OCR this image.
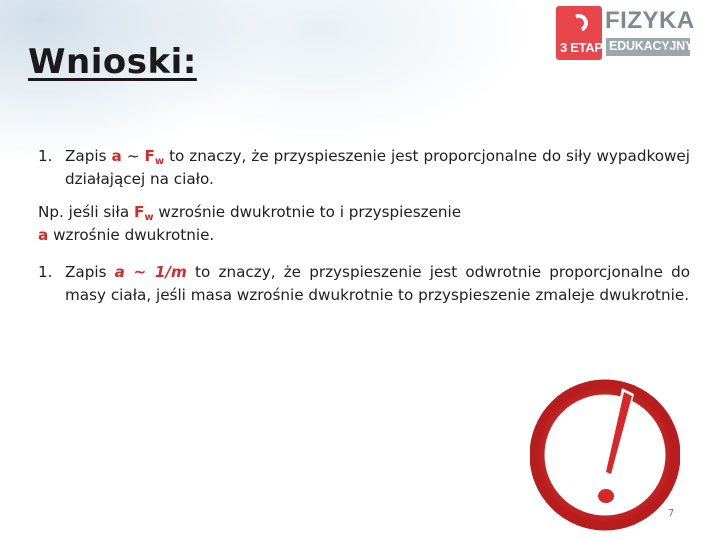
Wnioski:	3 ETAP
FIZYKA
EDUKACYJNY
1. Zapis a ~ $F_w$ to znaczy, że przyspieszenie jest proporcjonalne do siły wypadkowej działającej na ciało.
Np. jeśli siła $F_w$ wzrośnie dwukrotnie to i przyspieszenie
a wzrośnie dwukrotnie.
1. Zapis a ~ 1/m to znaczy, że przyspieszenie jest odwrotnie proporcjonalne do masy ciała, jeśli masa wzrośnie dwukrotnie to przyspieszenie zmaleje dwukrotnie.
7
